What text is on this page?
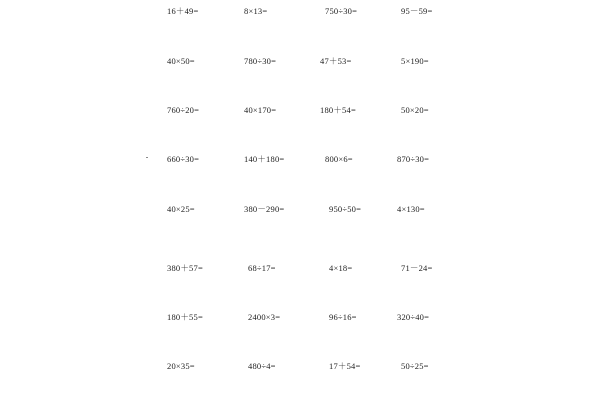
16＋49=	8×13=	750÷30=	95－59=
40×50=	780÷30=	47＋53=	5×190=
760÷20=	40×170=	180＋54=	50×20=
660÷30=	140＋180=	800×6=	870÷30=
40×25=	380－290=	950÷50=	4×130=
380＋57=	68÷17=	4×18=	71－24=
180＋55=	2400×3=	96÷16=	320÷40=
20×35=	480÷4=	17＋54=	50÷25=
